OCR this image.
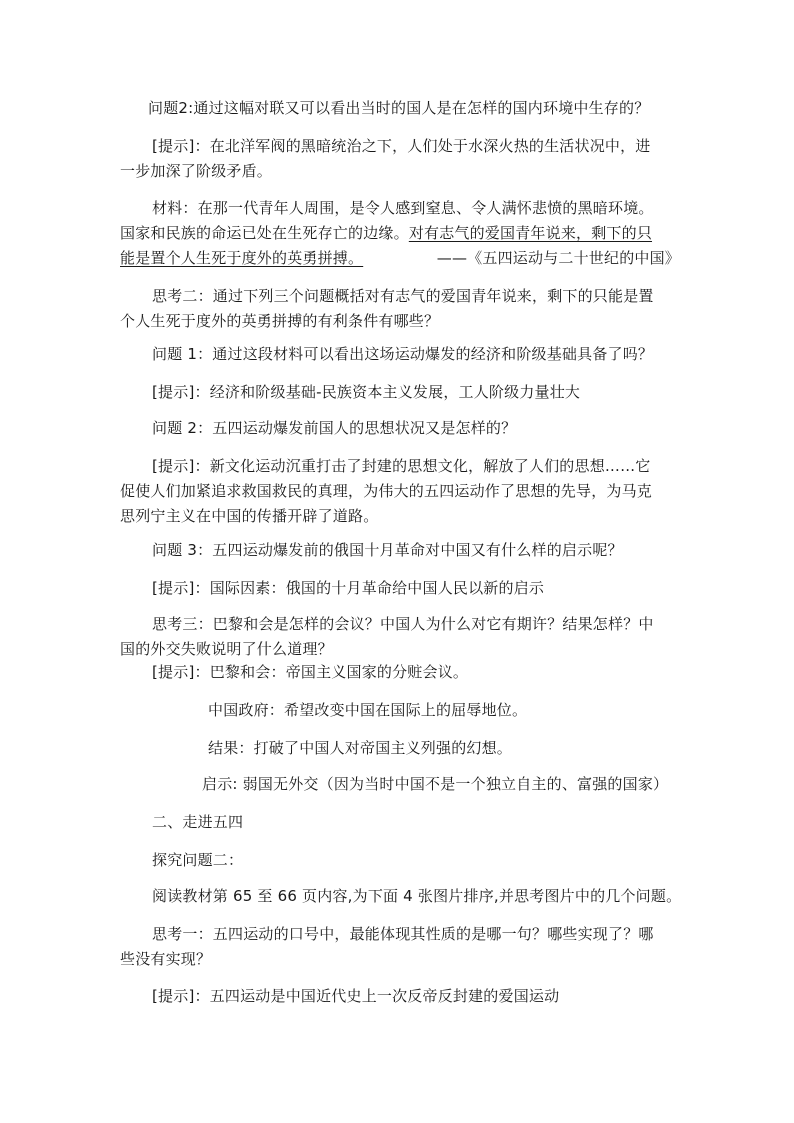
问题2:通过这幅对联又可以看出当时的国人是在怎样的国内环境中生存的？

[提示]：在北洋军阀的黑暗统治之下，人们处于水深火热的生活状况中，进
一步加深了阶级矛盾。
材料：在那一代青年人周围，是令人感到窒息、令人满怀悲愤的黑暗环境。
国家和民族的命运已处在生死存亡的边缘。对有志气的爱国青年说来，剩下的只
能是置个人生死于度外的英勇拼搏。	——《五四运动与二十世纪的中国》
思考二：通过下列三个问题概括对有志气的爱国青年说来，剩下的只能是置
个人生死于度外的英勇拼搏的有利条件有哪些？

问题 1：通过这段材料可以看出这场运动爆发的经济和阶级基础具备了吗？

[提示]：经济和阶级基础-民族资本主义发展，工人阶级力量壮大

问题 2：五四运动爆发前国人的思想状况又是怎样的？

[提示]：新文化运动沉重打击了封建的思想文化，解放了人们的思想……它
促使人们加紧追求救国救民的真理，为伟大的五四运动作了思想的先导，为马克
思列宁主义在中国的传播开辟了道路。

问题 3：五四运动爆发前的俄国十月革命对中国又有什么样的启示呢？

[提示]：国际因素：俄国的十月革命给中国人民以新的启示

思考三：巴黎和会是怎样的会议？中国人为什么对它有期许？结果怎样？中
国的外交失败说明了什么道理？

[提示]：巴黎和会：帝国主义国家的分赃会议。

中国政府：希望改变中国在国际上的屈辱地位。

结果：打破了中国人对帝国主义列强的幻想。

启示: 弱国无外交（因为当时中国不是一个独立自主的、富强的国家）

二、走进五四

探究问题二：

阅读教材第 65 至 66 页内容,为下面 4 张图片排序,并思考图片中的几个问题。

思考一：五四运动的口号中，最能体现其性质的是哪一句？哪些实现了？哪
些没有实现？

[提示]：五四运动是中国近代史上一次反帝反封建的爱国运动
